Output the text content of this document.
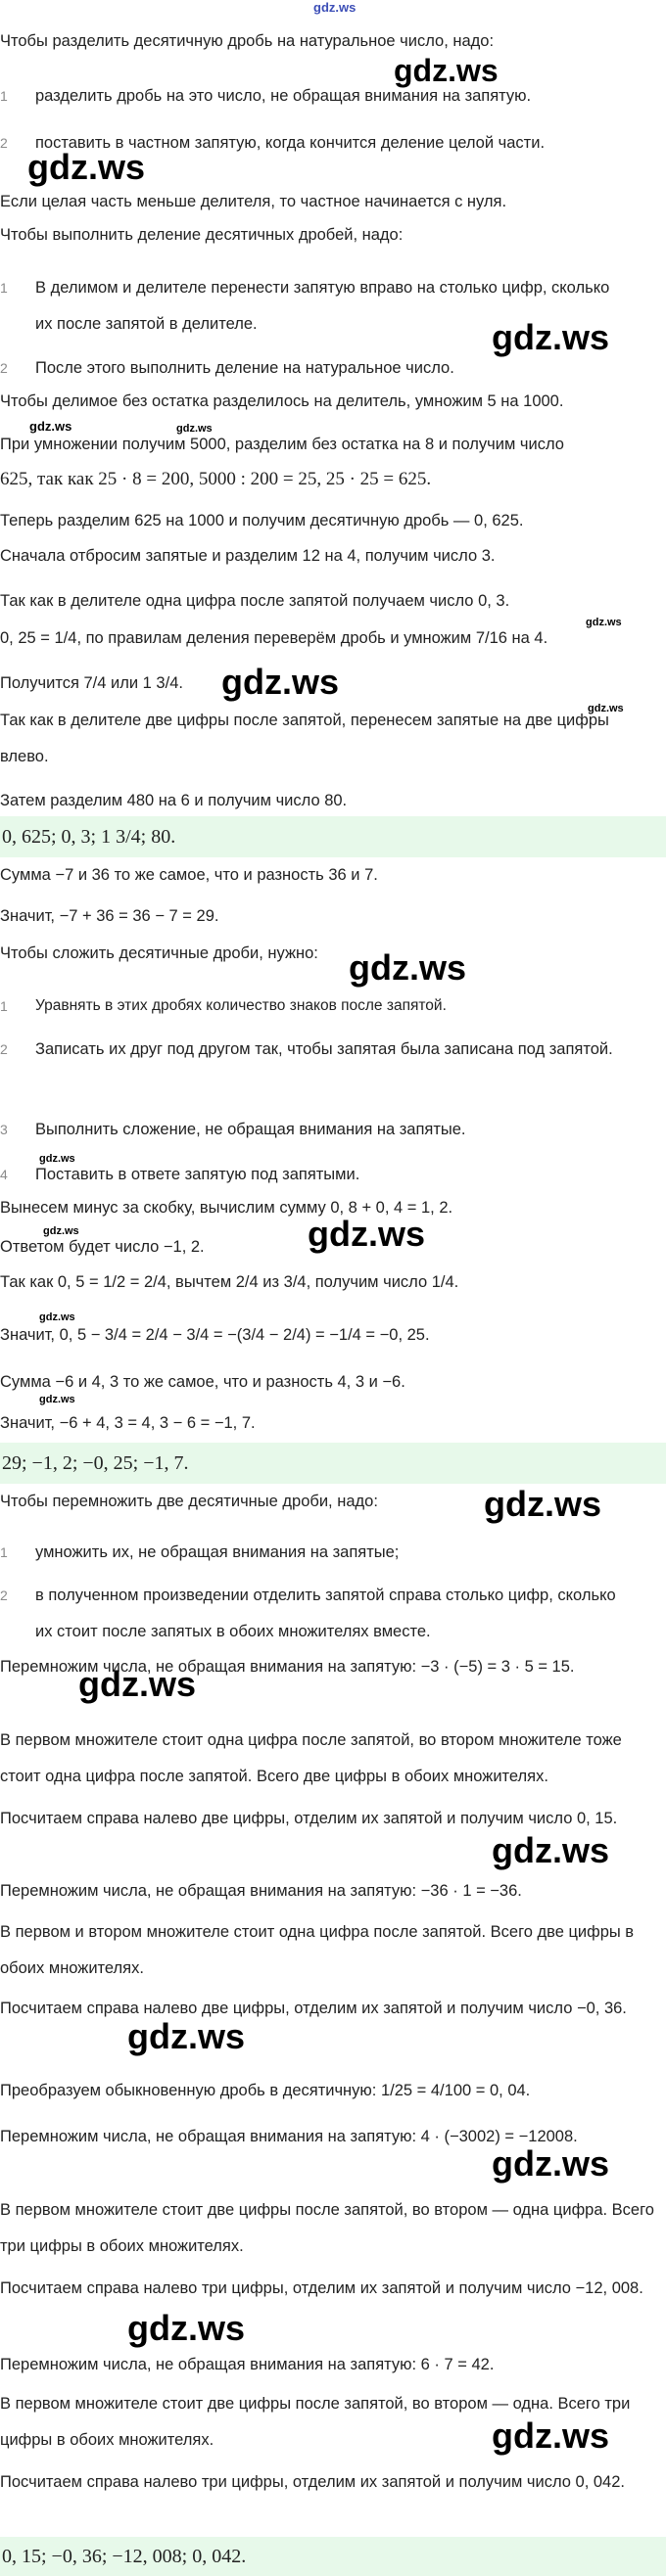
gdz.ws
Чтобы разделить десятичную дробь на натуральное число, надо:
1 разделить дробь на это число, не обращая внимания на запятую.
2 поставить в частном запятую, когда кончится деление целой части.
Если целая часть меньше делителя, то частное начинается с нуля.
Чтобы выполнить деление десятичных дробей, надо:
1 В делимом и делителе перенести запятую вправо на столько цифр, сколько их после запятой в делителе.
2 После этого выполнить деление на натуральное число.
Чтобы делимое без остатка разделилось на делитель, умножим 5 на 1000.
При умножении получим 5000, разделим без остатка на 8 и получим число
625, так как 25 · 8 = 200, 5000 : 200 = 25, 25 · 25 = 625.
Теперь разделим 625 на 1000 и получим десятичную дробь — 0, 625.
Сначала отбросим запятые и разделим 12 на 4, получим число 3.
Так как в делителе одна цифра после запятой получаем число 0, 3.
0, 25 = 1/4, по правилам деления переверём дробь и умножим 7/16 на 4.
Получится 7/4 или 1 3/4.
Так как в делителе две цифры после запятой, перенесем запятые на две цифры влево.
Затем разделим 480 на 6 и получим число 80.
0, 625; 0, 3; 1 3/4; 80.
Сумма −7 и 36 то же самое, что и разность 36 и 7.
Значит, −7 + 36 = 36 − 7 = 29.
Чтобы сложить десятичные дроби, нужно:
1 Уравнять в этих дробях количество знаков после запятой.
2 Записать их друг под другом так, чтобы запятая была записана под запятой.
3 Выполнить сложение, не обращая внимания на запятые.
4 Поставить в ответе запятую под запятыми.
Вынесем минус за скобку, вычислим сумму 0, 8 + 0, 4 = 1, 2.
Ответом будет число −1, 2.
Так как 0, 5 = 1/2 = 2/4, вычтем 2/4 из 3/4, получим число 1/4.
Значит, 0, 5 − 3/4 = 2/4 − 3/4 = −(3/4 − 2/4) = −1/4 = −0, 25.
Сумма −6 и 4, 3 то же самое, что и разность 4, 3 и −6.
Значит, −6 + 4, 3 = 4, 3 − 6 = −1, 7.
29; −1, 2; −0, 25; −1, 7.
Чтобы перемножить две десятичные дроби, надо:
1 умножить их, не обращая внимания на запятые;
2 в полученном произведении отделить запятой справа столько цифр, сколько их стоит после запятых в обоих множителях вместе.
Перемножим числа, не обращая внимания на запятую: −3 · (−5) = 3 · 5 = 15.
В первом множителе стоит одна цифра после запятой, во втором множителе тоже стоит одна цифра после запятой. Всего две цифры в обоих множителях.
Посчитаем справа налево две цифры, отделим их запятой и получим число 0, 15.
Перемножим числа, не обращая внимания на запятую: −36 · 1 = −36.
В первом и втором множителе стоит одна цифра после запятой. Всего две цифры в обоих множителях.
Посчитаем справа налево две цифры, отделим их запятой и получим число −0, 36.
Преобразуем обыкновенную дробь в десятичную: 1/25 = 4/100 = 0, 04.
Перемножим числа, не обращая внимания на запятую: 4 · (−3002) = −12008.
В первом множителе стоит две цифры после запятой, во втором — одна цифра. Всего три цифры в обоих множителях.
Посчитаем справа налево три цифры, отделим их запятой и получим число −12, 008.
Перемножим числа, не обращая внимания на запятую: 6 · 7 = 42.
В первом множителе стоит две цифры после запятой, во втором — одна. Всего три цифры в обоих множителях.
Посчитаем справа налево три цифры, отделим их запятой и получим число 0, 042.
0, 15; −0, 36; −12, 008; 0, 042.
gdz.ws
gdz.ws
gdz.ws
gdz.ws	gdz.ws
gdz.ws
gdz.ws
gdz.ws
gdz.ws
gdz.ws
gdz.ws	gdz.ws
gdz.ws
gdz.ws
gdz.ws
gdz.ws
gdz.ws
gdz.ws
gdz.ws
gdz.ws
gdz.ws
